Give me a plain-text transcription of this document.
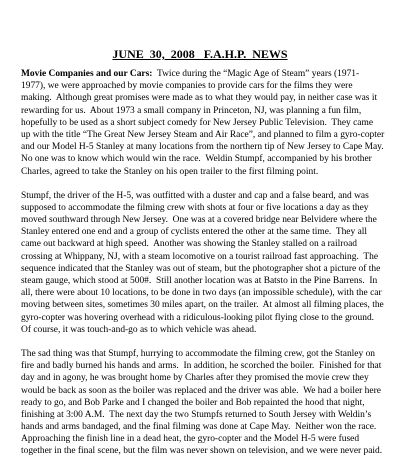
JUNE  30,  2008   F.A.H.P.  NEWS

Movie Companies and our Cars:  Twice during the “Magic Age of Steam” years (1971-
1977), we were approached by movie companies to provide cars for the films they were
making.  Although great promises were made as to what they would pay, in neither case was it
rewarding for us.  About 1973 a small company in Princeton, NJ, was planning a fun film,
hopefully to be used as a short subject comedy for New Jersey Public Television.  They came
up with the title “The Great New Jersey Steam and Air Race”, and planned to film a gyro-copter
and our Model H-5 Stanley at many locations from the northern tip of New Jersey to Cape May.
No one was to know which would win the race.  Weldin Stumpf, accompanied by his brother
Charles, agreed to take the Stanley on his open trailer to the first filming point.

Stumpf, the driver of the H-5, was outfitted with a duster and cap and a false beard, and was
supposed to accommodate the filming crew with shots at four or five locations a day as they
moved southward through New Jersey.  One was at a covered bridge near Belvidere where the
Stanley entered one end and a group of cyclists entered the other at the same time.  They all
came out backward at high speed.  Another was showing the Stanley stalled on a railroad
crossing at Whippany, NJ, with a steam locomotive on a tourist railroad fast approaching.  The
sequence indicated that the Stanley was out of steam, but the photographer shot a picture of the
steam gauge, which stood at 500#.  Still another location was at Batsto in the Pine Barrens.  In
all, there were about 10 locations, to be done in two days (an impossible schedule), with the car
moving between sites, sometimes 30 miles apart, on the trailer.  At almost all filming places, the
gyro-copter was hovering overhead with a ridiculous-looking pilot flying close to the ground.
Of course, it was touch-and-go as to which vehicle was ahead.

The sad thing was that Stumpf, hurrying to accommodate the filming crew, got the Stanley on
fire and badly burned his hands and arms.  In addition, he scorched the boiler.  Finished for that
day and in agony, he was brought home by Charles after they promised the movie crew they
would be back as soon as the boiler was replaced and the driver was able.  We had a boiler here
ready to go, and Bob Parke and I changed the boiler and Bob repainted the hood that night,
finishing at 3:00 A.M.  The next day the two Stumpfs returned to South Jersey with Weldin’s
hands and arms bandaged, and the final filming was done at Cape May.  Neither won the race.
Approaching the finish line in a dead heat, the gyro-copter and the Model H-5 were fused
together in the final scene, but the film was never shown on television, and we were never paid.
